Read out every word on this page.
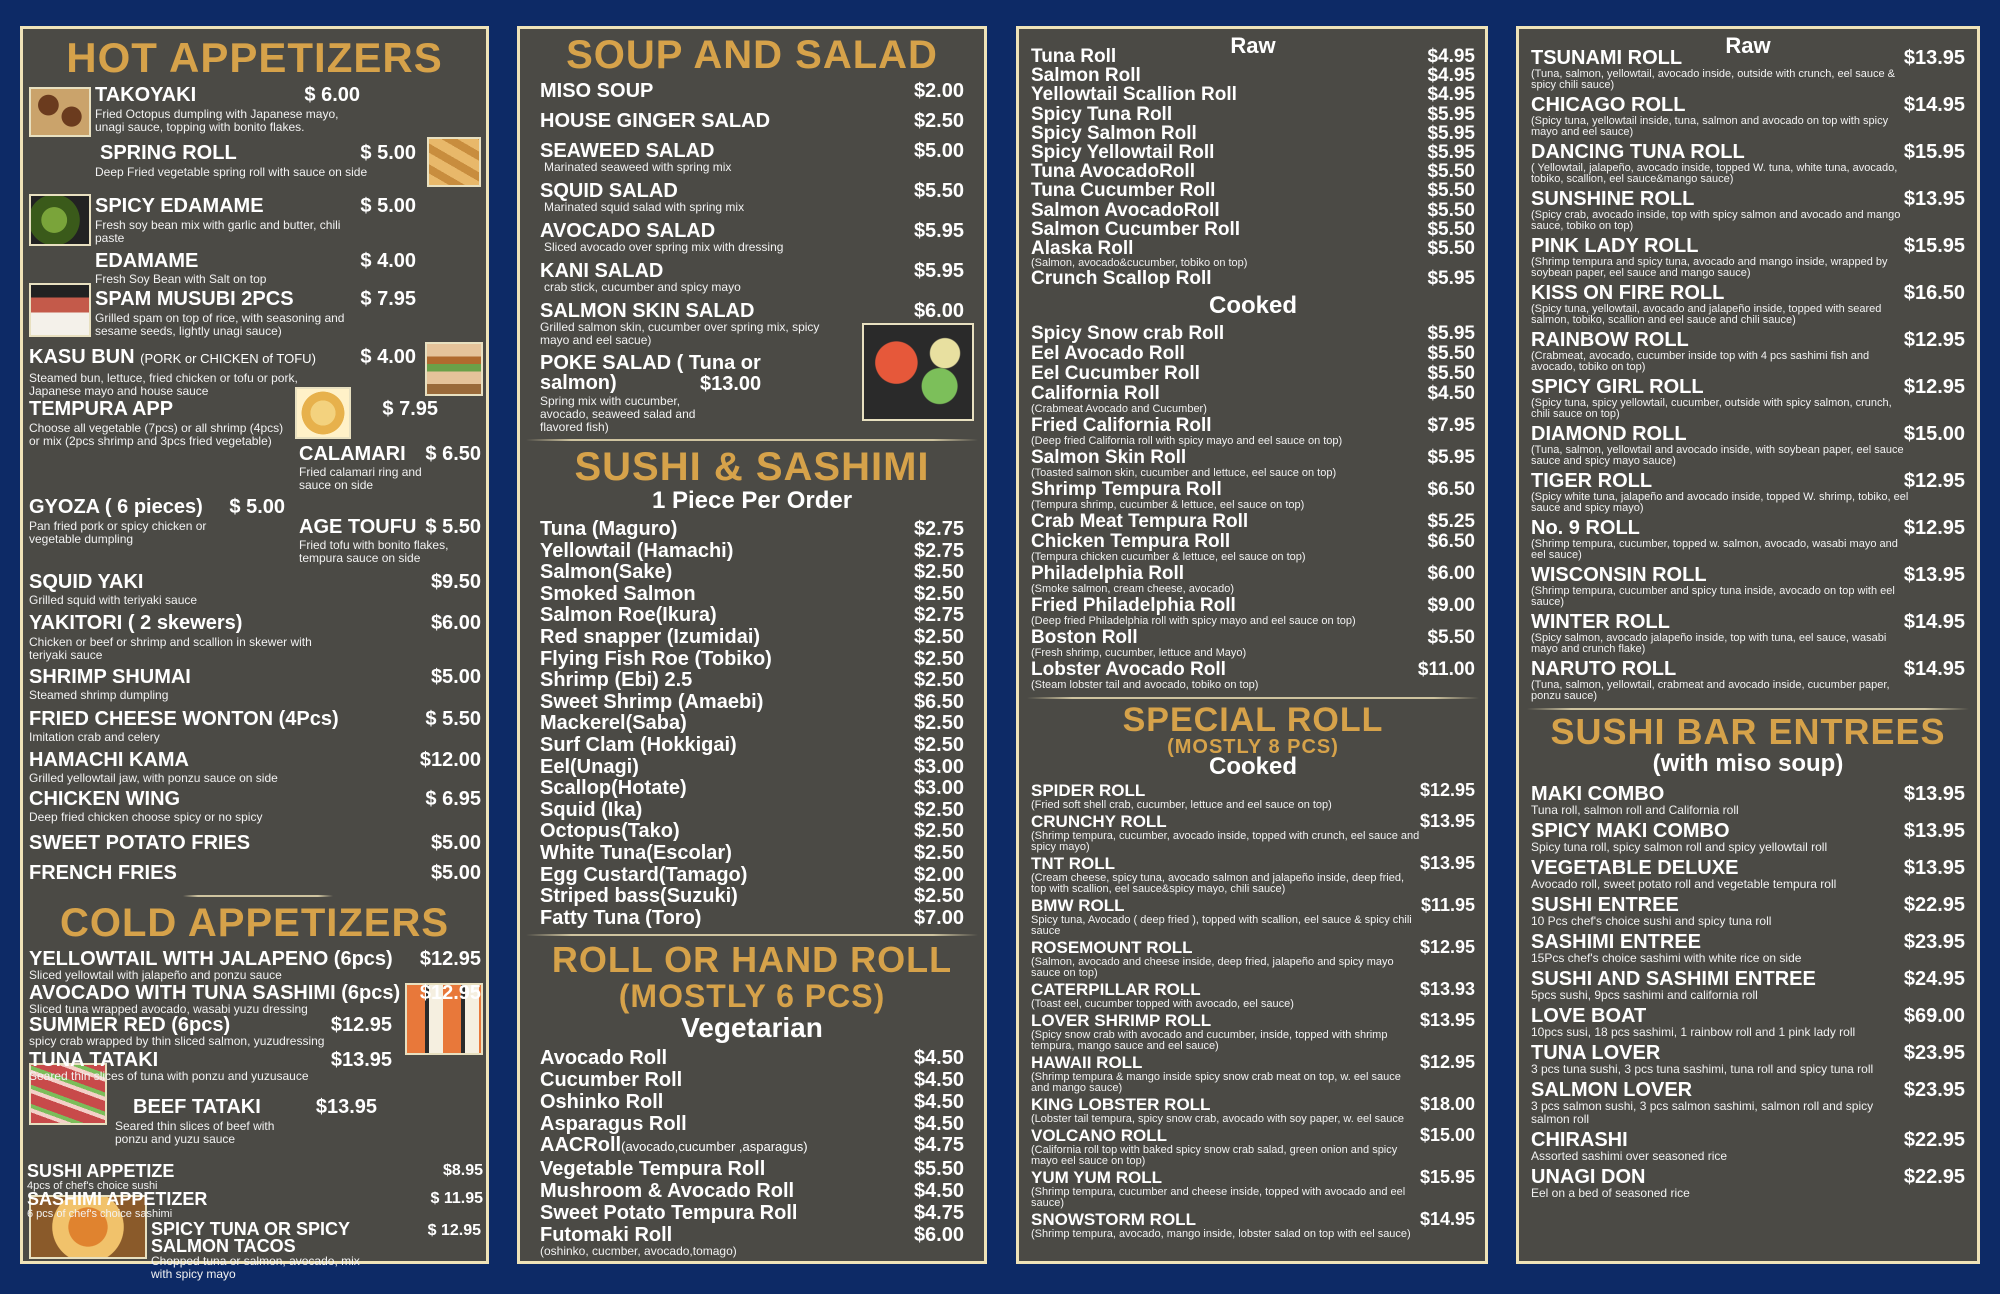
HOT APPETIZERS
TAKOYAKI	$ 6.00
Fried Octopus dumpling with Japanese mayo, unagi sauce, topping with bonito flakes.
SPRING ROLL	$ 5.00
Deep Fried vegetable spring roll with sauce on side
SPICY EDAMAME	$ 5.00
Fresh soy bean mix with garlic and butter, chili paste
EDAMAME	$ 4.00
Fresh Soy Bean with Salt on top
SPAM MUSUBI 2PCS	$ 7.95
Grilled spam on top of rice, with seasoning and sesame seeds, lightly unagi sauce)
KASU BUN (PORK or CHICKEN of TOFU)	$ 4.00
Steamed bun, lettuce, fried chicken or tofu or pork, Japanese mayo and house sauce
TEMPURA APP	$ 7.95
Choose all vegetable (7pcs) or all shrimp (4pcs) or mix (2pcs shrimp and 3pcs fried vegetable)
CALAMARI $ 6.50
Fried calamari ring and sauce on side
GYOZA ( 6 pieces)	$ 5.00
Pan fried pork or spicy chicken or vegetable dumpling
AGE TOUFU $ 5.50
Fried tofu with bonito flakes, tempura sauce on side
SQUID YAKI	$9.50
Grilled squid with teriyaki sauce
YAKITORI ( 2 skewers)	$6.00
Chicken or beef or shrimp and scallion in skewer with teriyaki sauce
SHRIMP SHUMAI	$5.00
Steamed shrimp dumpling
FRIED CHEESE WONTON (4Pcs)	$ 5.50
Imitation crab and celery
HAMACHI KAMA	$12.00
Grilled yellowtail jaw, with ponzu sauce on side
CHICKEN WING	$ 6.95
Deep fried chicken choose spicy or no spicy
SWEET POTATO FRIES	$5.00
FRENCH FRIES	$5.00
COLD APPETIZERS
YELLOWTAIL WITH JALAPENO (6pcs)	$12.95
Sliced yellowtail with jalapeño and ponzu sauce
AVOCADO WITH TUNA SASHIMI (6pcs) $12.95
Sliced tuna wrapped avocado, wasabi yuzu dressing
SUMMER RED (6pcs)	$12.95
spicy crab wrapped by thin sliced salmon, yuzudressing
TUNA TATAKI	$13.95
Seared thin slices of tuna with ponzu and yuzusauce
BEEF TATAKI	$13.95
Seared thin slices of beef with ponzu and yuzu sauce
SUSHI APPETIZE	$8.95
4pcs of chef's choice sushi
SASHIMI APPETIZER	$ 11.95
6 pcs of chef's choice sashimi
SPICY TUNA OR SPICY SALMON TACOS
$ 12.95
Chopped tuna or salmon, avocado, mix with spicy mayo
SOUP AND SALAD
MISO SOUP	$2.00
HOUSE GINGER SALAD	$2.50
SEAWEED SALAD	$5.00
Marinated seaweed with spring mix
SQUID SALAD	$5.50
Marinated squid salad with spring mix
AVOCADO SALAD	$5.95
Sliced avocado over spring mix with dressing
KANI SALAD	$5.95
crab stick, cucumber and spicy mayo
SALMON SKIN SALAD	$6.00
Grilled salmon skin, cucumber over spring mix, spicy mayo and eel sacue)
POKE SALAD ( Tuna or salmon)	$13.00
Spring mix with cucumber, avocado, seaweed salad and flavored fish)
SUSHI & SASHIMI
1 Piece Per Order
Tuna (Maguro)	$2.75
Yellowtail (Hamachi)	$2.75
Salmon(Sake)	$2.50
Smoked Salmon	$2.50
Salmon Roe(Ikura)	$2.75
Red snapper (Izumidai)	$2.50
Flying Fish Roe (Tobiko)	$2.50
Shrimp (Ebi) 2.5	$2.50
Sweet Shrimp (Amaebi)	$6.50
Mackerel(Saba)	$2.50
Surf Clam (Hokkigai)	$2.50
Eel(Unagi)	$3.00
Scallop(Hotate)	$3.00
Squid (Ika)	$2.50
Octopus(Tako)	$2.50
White Tuna(Escolar)	$2.50
Egg Custard(Tamago)	$2.00
Striped bass(Suzuki)	$2.50
Fatty Tuna (Toro)	$7.00
ROLL OR HAND ROLL
(MOSTLY 6 PCS)
Vegetarian
Avocado Roll	$4.50
Cucumber Roll	$4.50
Oshinko Roll	$4.50
Asparagus Roll	$4.50
AACRoll(avocado,cucumber ,asparagus)	$4.75
Vegetable Tempura Roll	$5.50
Mushroom & Avocado Roll	$4.50
Sweet Potato Tempura Roll	$4.75
Futomaki Roll	$6.00
(oshinko, cucmber, avocado,tomago)
Raw
Tuna Roll	$4.95
Salmon Roll	$4.95
Yellowtail Scallion Roll	$4.95
Spicy Tuna Roll	$5.95
Spicy Salmon Roll	$5.95
Spicy Yellowtail Roll	$5.95
Tuna AvocadoRoll	$5.50
Tuna Cucumber Roll	$5.50
Salmon AvocadoRoll	$5.50
Salmon Cucumber Roll	$5.50
Alaska Roll	$5.50
(Salmon, avocado&cucumber, tobiko on top)
Crunch Scallop Roll	$5.95
Cooked
Spicy Snow crab Roll	$5.95
Eel Avocado Roll	$5.50
Eel Cucumber Roll	$5.50
California Roll	$4.50
(Crabmeat Avocado and Cucumber)
Fried California Roll	$7.95
(Deep fried California roll with spicy mayo and eel sauce on top)
Salmon Skin Roll	$5.95
(Toasted salmon skin, cucumber and lettuce, eel sauce on top)
Shrimp Tempura Roll	$6.50
(Tempura shrimp, cucumber & lettuce, eel sauce on top)
Crab Meat Tempura Roll	$5.25
Chicken Tempura Roll	$6.50
(Tempura chicken cucumber & lettuce, eel sauce on top)
Philadelphia Roll	$6.00
(Smoke salmon, cream cheese, avocado)
Fried Philadelphia Roll	$9.00
(Deep fried Philadelphia roll with spicy mayo and eel sauce on top)
Boston Roll	$5.50
(Fresh shrimp, cucumber, lettuce and Mayo)
Lobster Avocado Roll	$11.00
(Steam lobster tail and avocado, tobiko on top)
SPECIAL ROLL
(MOSTLY 8 PCS)
Cooked
SPIDER ROLL	$12.95
(Fried soft shell crab, cucumber, lettuce and eel sauce on top)
CRUNCHY ROLL	$13.95
(Shrimp tempura, cucumber, avocado inside, topped with crunch, eel sauce and spicy mayo)
TNT ROLL	$13.95
(Cream cheese, spicy tuna, avocado salmon and jalapeño inside, deep fried, top with scallion, eel sauce&spicy mayo, chili sauce)
BMW ROLL	$11.95
Spicy tuna, Avocado ( deep fried ), topped with scallion, eel sauce & spicy chili sauce
ROSEMOUNT ROLL	$12.95
(Salmon, avocado and cheese inside, deep fried, jalapeño and spicy mayo sauce on top)
CATERPILLAR ROLL	$13.93
(Toast eel, cucumber topped with avocado, eel sauce)
LOVER SHRIMP ROLL	$13.95
(Spicy snow crab with avocado and cucumber, inside, topped with shrimp tempura, mango sauce and eel sauce)
HAWAII ROLL	$12.95
(Shrimp tempura & mango inside spicy snow crab meat on top, w. eel sauce and mango sauce)
KING LOBSTER ROLL	$18.00
(Lobster tail tempura, spicy snow crab, avocado with soy paper, w. eel sauce
VOLCANO ROLL	$15.00
(California roll top with baked spicy snow crab salad, green onion and spicy mayo eel sauce on top)
YUM YUM ROLL	$15.95
(Shrimp tempura, cucumber and cheese inside, topped with avocado and eel sauce)
SNOWSTORM ROLL	$14.95
(Shrimp tempura, avocado, mango inside, lobster salad on top with eel sauce)
Raw
TSUNAMI ROLL	$13.95
(Tuna, salmon, yellowtail, avocado inside, outside with crunch, eel sauce & spicy chili sauce)
CHICAGO ROLL	$14.95
(Spicy tuna, yellowtail inside, tuna, salmon and avocado on top with spicy mayo and eel sauce)
DANCING TUNA ROLL	$15.95
( Yellowtail, jalapeño, avocado inside, topped W. tuna, white tuna, avocado, tobiko, scallion, eel sauce&mango sauce)
SUNSHINE ROLL	$13.95
(Spicy crab, avocado inside, top with spicy salmon and avocado and mango sauce, tobiko on top)
PINK LADY ROLL	$15.95
(Shrimp tempura and spicy tuna, avocado and mango inside, wrapped by soybean paper, eel sauce and mango sauce)
KISS ON FIRE ROLL	$16.50
(Spicy tuna, yellowtail, avocado and jalapeño inside, topped with seared salmon, tobiko, scallion and eel sauce and chili sauce)
RAINBOW ROLL	$12.95
(Crabmeat, avocado, cucumber inside top with 4 pcs sashimi fish and avocado, tobiko on top)
SPICY GIRL ROLL	$12.95
(Spicy tuna, spicy yellowtail, cucumber, outside with spicy salmon, crunch, chili sauce on top)
DIAMOND ROLL	$15.00
(Tuna, salmon, yellowtail and avocado inside, with soybean paper, eel sauce sauce and spicy mayo sauce)
TIGER ROLL	$12.95
(Spicy white tuna, jalapeño and avocado inside, topped W. shrimp, tobiko, eel sauce and spicy mayo)
No. 9 ROLL	$12.95
(Shrimp tempura, cucumber, topped w. salmon, avocado, wasabi mayo and eel sauce)
WISCONSIN ROLL	$13.95
(Shrimp tempura, cucumber and spicy tuna inside, avocado on top with eel sauce)
WINTER ROLL	$14.95
(Spicy salmon, avocado jalapeño inside, top with tuna, eel sauce, wasabi mayo and crunch flake)
NARUTO ROLL	$14.95
(Tuna, salmon, yellowtail, crabmeat and avocado inside, cucumber paper, ponzu sauce)
SUSHI BAR ENTREES
(with miso soup)
MAKI COMBO	$13.95
Tuna roll, salmon roll and California roll
SPICY MAKI COMBO	$13.95
Spicy tuna roll, spicy salmon roll and spicy yellowtail roll
VEGETABLE DELUXE	$13.95
Avocado roll, sweet potato roll and vegetable tempura roll
SUSHI ENTREE	$22.95
10 Pcs chef's choice sushi and spicy tuna roll
SASHIMI ENTREE	$23.95
15Pcs chef's choice sashimi with white rice on side
SUSHI AND SASHIMI ENTREE	$24.95
5pcs sushi, 9pcs sashimi and california roll
LOVE BOAT	$69.00
10pcs susi, 18 pcs sashimi, 1 rainbow roll and 1 pink lady roll
TUNA LOVER	$23.95
3 pcs tuna sushi, 3 pcs tuna sashimi, tuna roll and spicy tuna roll
SALMON LOVER	$23.95
3 pcs salmon sushi, 3 pcs salmon sashimi, salmon roll and spicy salmon roll
CHIRASHI	$22.95
Assorted sashimi over seasoned rice
UNAGI DON	$22.95
Eel on a bed of seasoned rice
